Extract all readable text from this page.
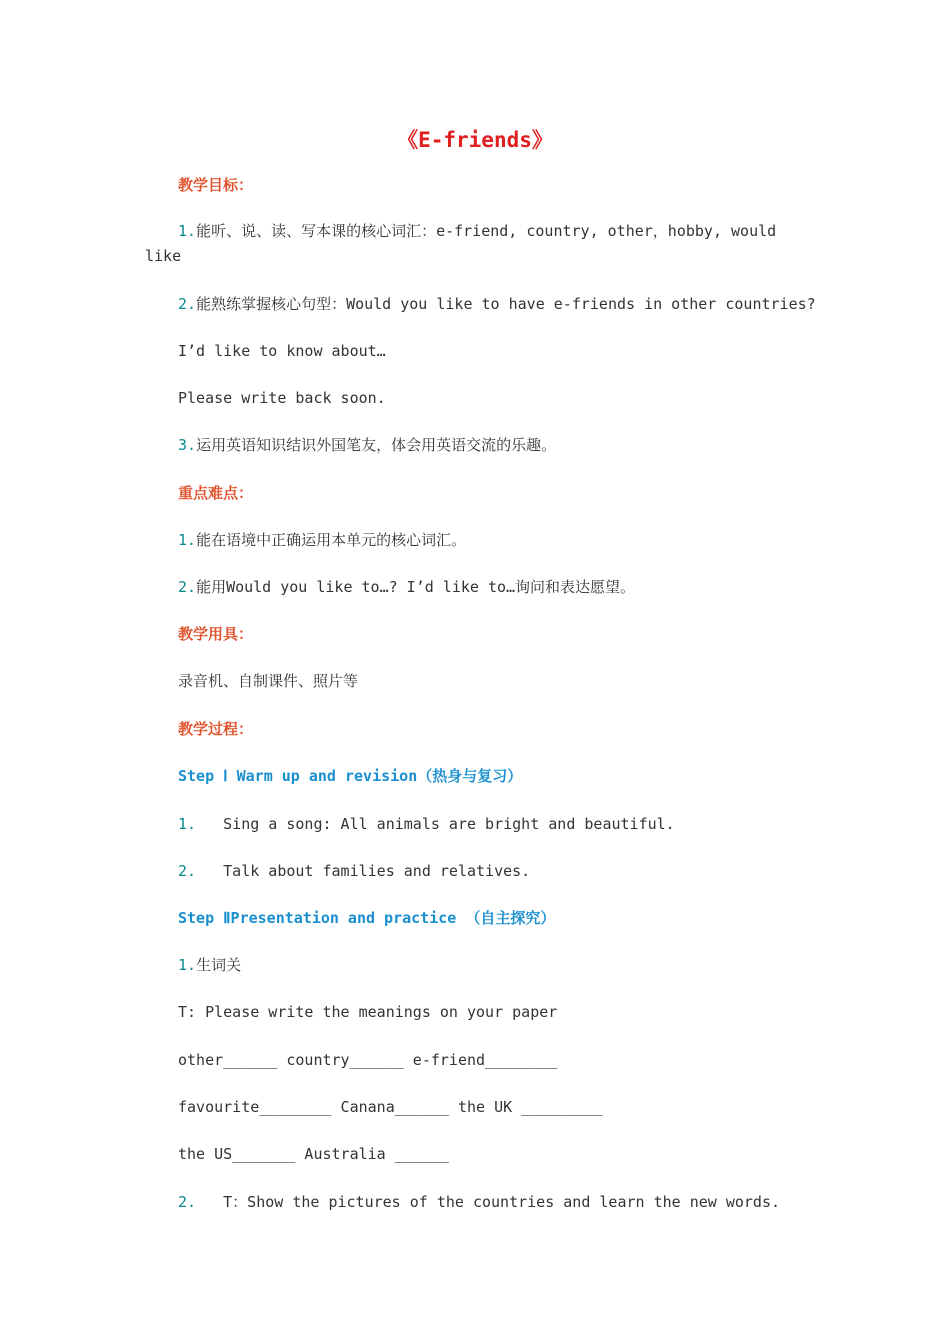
《E-friends》
教学目标：
1.能听、说、读、写本课的核心词汇：e-friend, country, other，hobby, would like
2.能熟练掌握核心句型：Would you like to have e-friends in other countries?
I’d like to know about…
Please write back soon.
3.运用英语知识结识外国笔友，体会用英语交流的乐趣。
重点难点：
1.能在语境中正确运用本单元的核心词汇。
2.能用Would you like to…? I’d like to…询问和表达愿望。
教学用具：
录音机、自制课件、照片等
教学过程：
Step Ⅰ Warm up and revision（热身与复习）
1. Sing a song: All animals are bright and beautiful.
2. Talk about families and relatives.
Step ⅡPresentation and practice （自主探究）
1.生词关
T: Please write the meanings on your paper
other______ country______ e-friend________
favourite________ Canana______ the UK _________
the US_______ Australia ______
2. T：Show the pictures of the countries and learn the new words.
